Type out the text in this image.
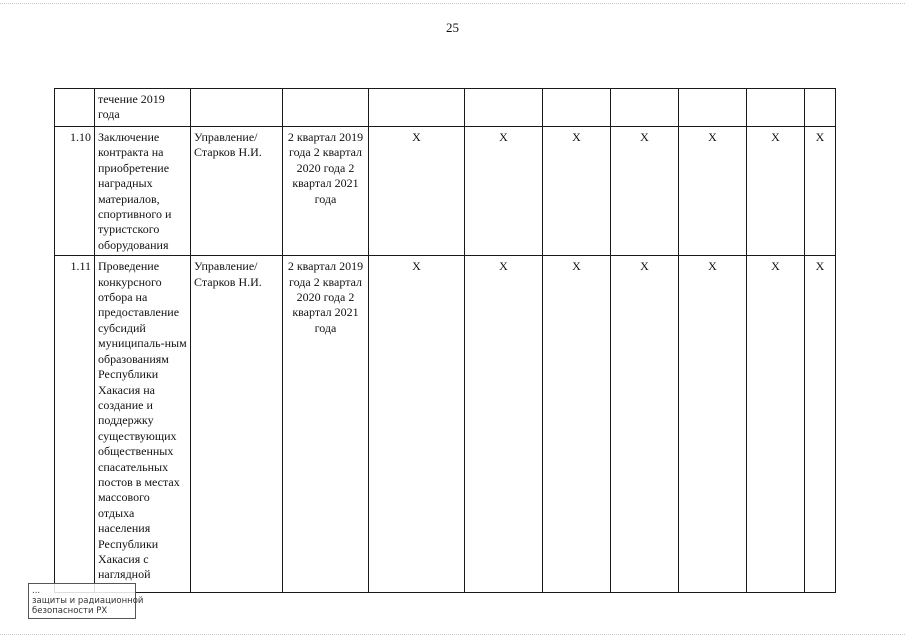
25
	течение 2019 года									
1.10	Заключение контракта на приобретение наградных материалов, спортивного и туристского оборудования	Управление/ Старков Н.И.	2 квартал 2019 года 2 квартал 2020 года 2 квартал 2021 года	Х	Х	Х	Х	Х	Х	Х
1.11	Проведение конкурсного отбора на предоставление субсидий муниципаль-ным образованиям Республики Хакасия на создание и поддержку существующих общественных спасательных постов в местах массового отдыха населения Республики Хакасия с наглядной	Управление/ Старков Н.И.	2 квартал 2019 года 2 квартал 2020 года 2 квартал 2021 года	Х	Х	Х	Х	Х	Х	Х
...
защиты и радиационной
безопасности РХ
